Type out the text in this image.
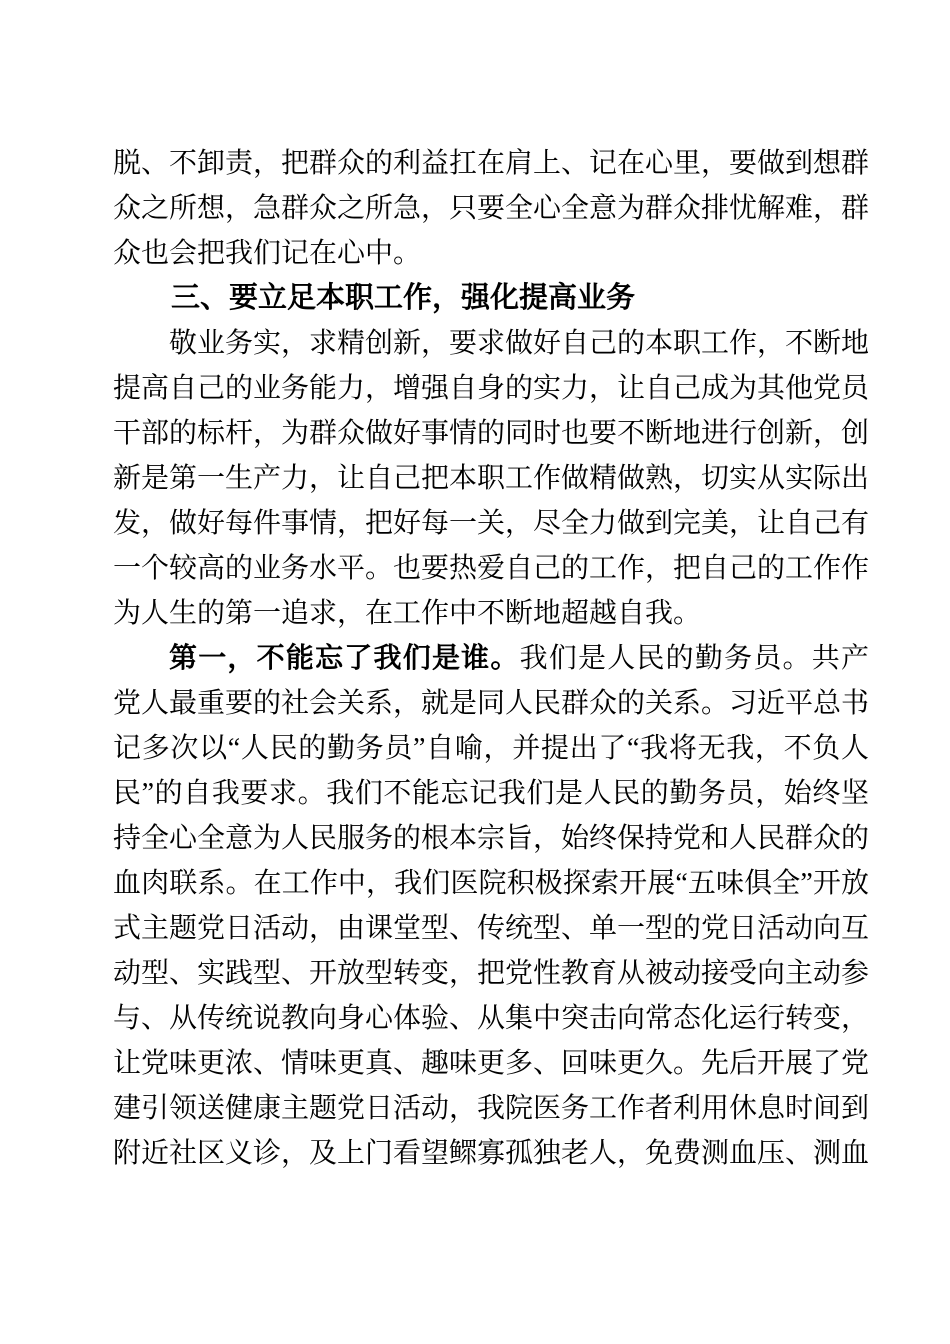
脱、不卸责，把群众的利益扛在肩上、记在心里，要做到想群众之所想，急群众之所急，只要全心全意为群众排忧解难，群众也会把我们记在心中。

三、要立足本职工作，强化提高业务

敬业务实，求精创新，要求做好自己的本职工作，不断地提高自己的业务能力，增强自身的实力，让自己成为其他党员干部的标杆，为群众做好事情的同时也要不断地进行创新，创新是第一生产力，让自己把本职工作做精做熟，切实从实际出发，做好每件事情，把好每一关，尽全力做到完美，让自己有一个较高的业务水平。也要热爱自己的工作，把自己的工作作为人生的第一追求，在工作中不断地超越自我。

第一，不能忘了我们是谁。我们是人民的勤务员。共产党人最重要的社会关系，就是同人民群众的关系。习近平总书记多次以“人民的勤务员”自喻，并提出了“我将无我，不负人民”的自我要求。我们不能忘记我们是人民的勤务员，始终坚持全心全意为人民服务的根本宗旨，始终保持党和人民群众的血肉联系。在工作中，我们医院积极探索开展“五味俱全”开放式主题党日活动，由课堂型、传统型、单一型的党日活动向互动型、实践型、开放型转变，把党性教育从被动接受向主动参与、从传统说教向身心体验、从集中突击向常态化运行转变，让党味更浓、情味更真、趣味更多、回味更久。先后开展了党建引领送健康主题党日活动，我院医务工作者利用休息时间到附近社区义诊，及上门看望鳏寡孤独老人，免费测血压、测血
